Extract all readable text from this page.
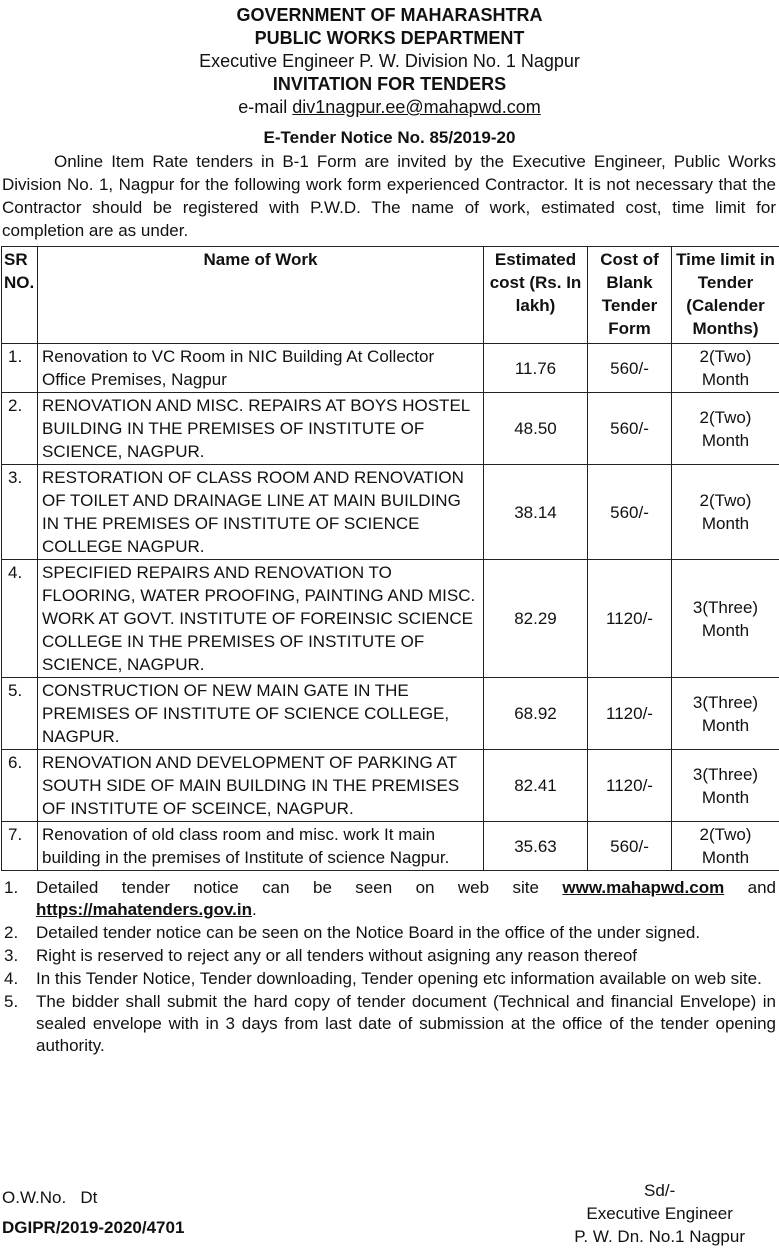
GOVERNMENT OF MAHARASHTRA
PUBLIC WORKS DEPARTMENT
Executive Engineer P. W. Division No. 1 Nagpur
INVITATION FOR TENDERS
e-mail div1nagpur.ee@mahapwd.com
E-Tender Notice No. 85/2019-20
Online Item Rate tenders in B-1 Form are invited by the Executive Engineer, Public Works Division No. 1, Nagpur for the following work form experienced Contractor. It is not necessary that the Contractor should be registered with P.W.D. The name of work, estimated cost, time limit for completion are as under.
SR NO.	Name of Work	Estimated cost (Rs. In lakh)	Cost of Blank Tender Form	Time limit in Tender (Calender Months)
1.	Renovation to VC Room in NIC Building At Collector Office Premises, Nagpur	11.76	560/-	2(Two) Month
2.	RENOVATION AND MISC. REPAIRS AT BOYS HOSTEL BUILDING IN THE PREMISES OF INSTITUTE OF SCIENCE, NAGPUR.	48.50	560/-	2(Two) Month
3.	RESTORATION OF CLASS ROOM AND RENOVATION OF TOILET AND DRAINAGE LINE AT MAIN BUILDING IN THE PREMISES OF INSTITUTE OF SCIENCE COLLEGE NAGPUR.	38.14	560/-	2(Two) Month
4.	SPECIFIED REPAIRS AND RENOVATION TO FLOORING, WATER PROOFING, PAINTING AND MISC. WORK AT GOVT. INSTITUTE OF FOREINSIC SCIENCE COLLEGE IN THE PREMISES OF INSTITUTE OF SCIENCE, NAGPUR.	82.29	1120/-	3(Three) Month
5.	CONSTRUCTION OF NEW MAIN GATE IN THE PREMISES OF INSTITUTE OF SCIENCE COLLEGE, NAGPUR.	68.92	1120/-	3(Three) Month
6.	RENOVATION AND DEVELOPMENT OF PARKING AT SOUTH SIDE OF MAIN BUILDING IN THE PREMISES OF INSTITUTE OF SCEINCE, NAGPUR.	82.41	1120/-	3(Three) Month
7.	Renovation of old class room and misc. work It main building in the premises of Institute of science Nagpur.	35.63	560/-	2(Two) Month
1.	Detailed tender notice can be seen on web site www.mahapwd.com and https://mahatenders.gov.in.
2.	Detailed tender notice can be seen on the Notice Board in the office of the under signed.
3.	Right is reserved to reject any or all tenders without asigning any reason thereof
4.	In this Tender Notice, Tender downloading, Tender opening etc information available on web site.
5.	The bidder shall submit the hard copy of tender document (Technical and financial Envelope) in sealed envelope with in 3 days from last date of submission at the office of the tender opening authority.
O.W.No.   Dt
DGIPR/2019-2020/4701
Sd/-
Executive Engineer
P. W. Dn. No.1 Nagpur
